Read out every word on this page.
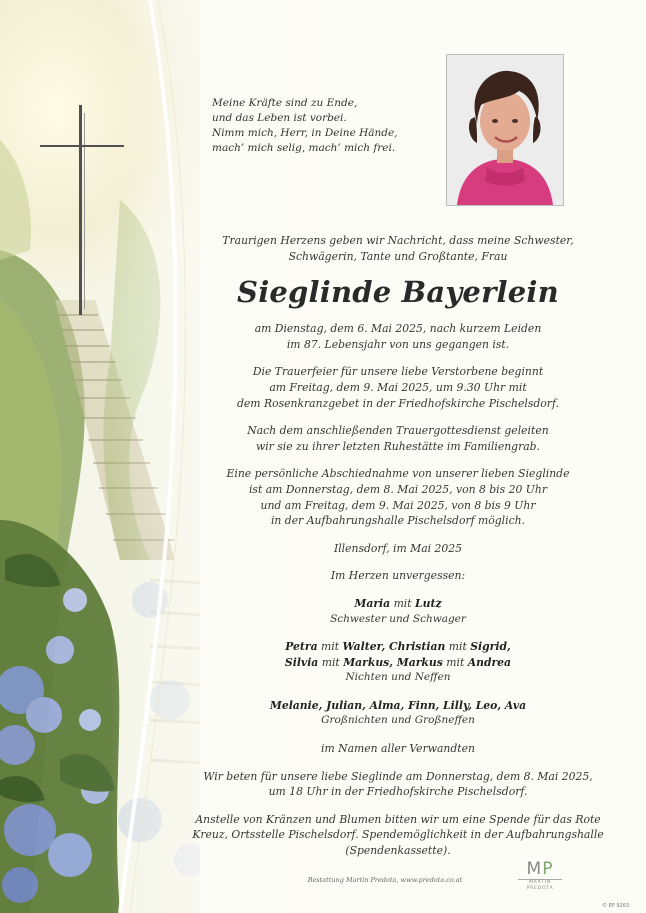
Meine Kräfte sind zu Ende,
und das Leben ist vorbei.
Nimm mich, Herr, in Deine Hände,
mach’ mich selig, mach’ mich frei.
Traurigen Herzens geben wir Nachricht, dass meine Schwester,
Schwägerin, Tante und Großtante, Frau
Sieglinde Bayerlein
am Dienstag, dem 6. Mai 2025, nach kurzem Leiden
im 87. Lebensjahr von uns gegangen ist.
Die Trauerfeier für unsere liebe Verstorbene beginnt
am Freitag, dem 9. Mai 2025, um 9.30 Uhr mit
dem Rosenkranzgebet in der Friedhofskirche Pischelsdorf.
Nach dem anschließenden Trauergottesdienst geleiten
wir sie zu ihrer letzten Ruhestätte im Familiengrab.
Eine persönliche Abschiednahme von unserer lieben Sieglinde
ist am Donnerstag, dem 8. Mai 2025, von 8 bis 20 Uhr
und am Freitag, dem 9. Mai 2025, von 8 bis 9 Uhr
in der Aufbahrungshalle Pischelsdorf möglich.
Illensdorf, im Mai 2025
Im Herzen unvergessen:
Maria mit Lutz
Schwester und Schwager
Petra mit Walter, Christian mit Sigrid,
Silvia mit Markus, Markus mit Andrea
Nichten und Neffen
Melanie, Julian, Alma, Finn, Lilly, Leo, Ava
Großnichten und Großneffen
im Namen aller Verwandten
Wir beten für unsere liebe Sieglinde am Donnerstag, dem 8. Mai 2025,
um 18 Uhr in der Friedhofskirche Pischelsdorf.
Anstelle von Kränzen und Blumen bitten wir um eine Spende für das Rote
Kreuz, Ortsstelle Pischelsdorf. Spendemöglichkeit in der Aufbahrungshalle
(Spendenkassette).
Bestattung Martin Predota, www.predota.co.at
MP
MARTIN PREDOTA
© EP 9263
